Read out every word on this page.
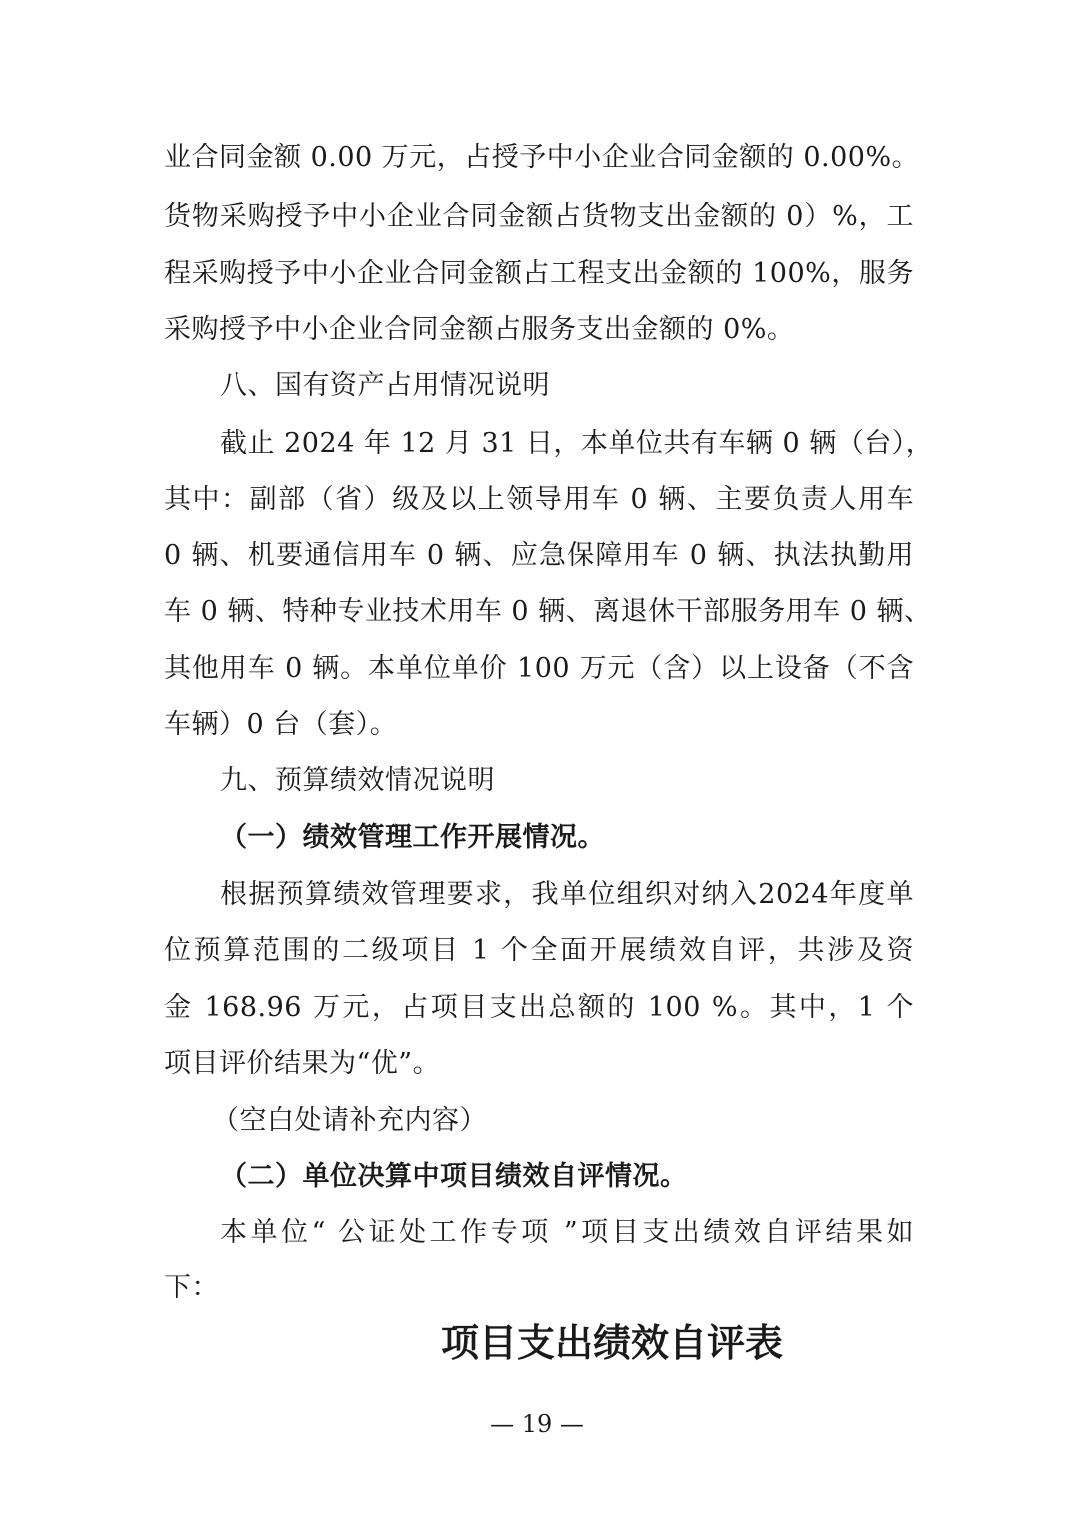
业合同金额 0.00 万元，占授予中小企业合同金额的 0.00%。
货物采购授予中小企业合同金额占货物支出金额的 0）%，工
程采购授予中小企业合同金额占工程支出金额的 100%，服务
采购授予中小企业合同金额占服务支出金额的 0%。
八、国有资产占用情况说明
截止 2024 年 12 月 31 日，本单位共有车辆 0 辆（台），
其中：副部（省）级及以上领导用车 0 辆、主要负责人用车
0 辆、机要通信用车 0 辆、应急保障用车 0 辆、执法执勤用
车 0 辆、特种专业技术用车 0 辆、离退休干部服务用车 0 辆、
其他用车 0 辆。本单位单价 100 万元（含）以上设备（不含
车辆）0 台（套）。
九、预算绩效情况说明
（一）绩效管理工作开展情况。
根据预算绩效管理要求，我单位组织对纳入2024年度单
位预算范围的二级项目 1 个全面开展绩效自评，共涉及资
金 168.96 万元，占项目支出总额的 100 %。其中，1 个
项目评价结果为“优”。
（空白处请补充内容）
（二）单位决算中项目绩效自评情况。
本单位“ 公证处工作专项 ”项目支出绩效自评结果如
下：
项目支出绩效自评表
— 19 —
